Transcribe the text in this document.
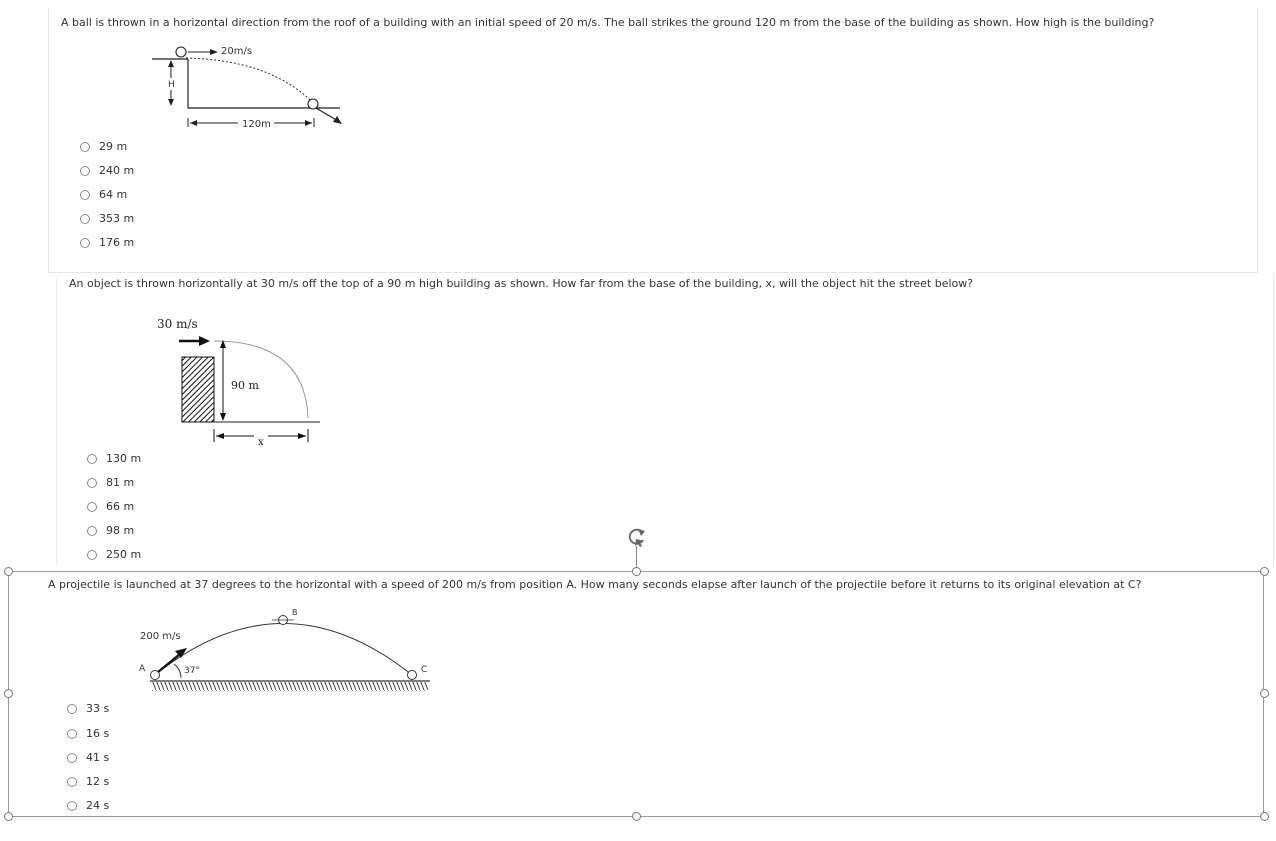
A ball is thrown in a horizontal direction from the roof of a building with an initial speed of 20 m/s. The ball strikes the ground 120 m from the base of the building as shown. How high is the building?
20m/s
H
120m
29 m
240 m
64 m
353 m
176 m
An object is thrown horizontally at 30 m/s off the top of a 90 m high building as shown. How far from the base of the building, x, will the object hit the street below?
30 m/s
90 m
x
130 m
81 m
66 m
98 m
250 m
A projectile is launched at 37 degrees to the horizontal with a speed of 200 m/s from position A. How many seconds elapse after launch of the projectile before it returns to its original elevation at C?
200 m/s
37°
A
B
C
33 s
16 s
41 s
12 s
24 s
